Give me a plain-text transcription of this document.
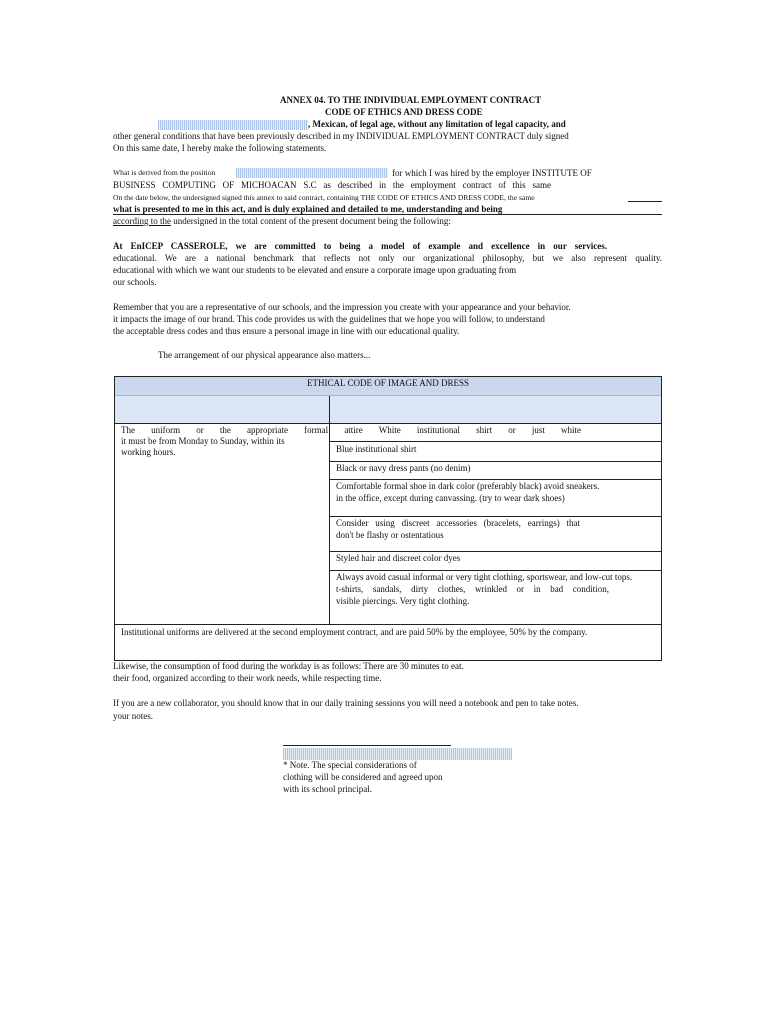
ANNEX 04. TO THE INDIVIDUAL EMPLOYMENT CONTRACT
CODE OF ETHICS AND DRESS CODE
, Mexican, of legal age, without any limitation of legal capacity, and
other general conditions that have been previously described in my INDIVIDUAL EMPLOYMENT CONTRACT duly signed
On this same date, I hereby make the following statements.
What is derived from the position	for which I was hired by the employer INSTITUTE OF
BUSINESS COMPUTING OF MICHOACAN S.C as described in the employment contract of this same
On the date below, the undersigned signed this annex to said contract, containing THE CODE OF ETHICS AND DRESS CODE, the same
what is presented to me in this act, and is duly explained and detailed to me, understanding and being
according to the undersigned in the total content of the present document being the following:
At EnICEP CASSEROLE, we are committed to being a model of example and excellence in our services.
educational. We are a national benchmark that reflects not only our organizational philosophy, but we also represent quality.
educational with which we want our students to be elevated and ensure a corporate image upon graduating from
our schools.
Remember that you are a representative of our schools, and the impression you create with your appearance and your behavior.
it impacts the image of our brand. This code provides us with the guidelines that we hope you will follow, to understand
the acceptable dress codes and thus ensure a personal image in line with our educational quality.
The arrangement of our physical appearance also matters...
ETHICAL CODE OF IMAGE AND DRESS
The uniform or the appropriate formal attire White institutional shirt or just white
it must be from Monday to Sunday, within its
working hours.	Blue institutional shirt
Black or navy dress pants (no denim)
Comfortable formal shoe in dark color (preferably black) avoid sneakers.
in the office, except during canvassing. (try to wear dark shoes)
Consider using discreet accessories (bracelets, earrings) that
don't be flashy or ostentatious
Styled hair and discreet color dyes
Always avoid casual informal or very tight clothing, sportswear, and low-cut tops.
t-shirts, sandals, dirty clothes, wrinkled or in bad condition,
visible piercings. Very tight clothing.
Institutional uniforms are delivered at the second employment contract, and are paid 50% by the employee, 50% by the company.
Likewise, the consumption of food during the workday is as follows: There are 30 minutes to eat.
their food, organized according to their work needs, while respecting time.
If you are a new collaborator, you should know that in our daily training sessions you will need a notebook and pen to take notes.
your notes.
* Note. The special considerations of
clothing will be considered and agreed upon
with its school principal.
